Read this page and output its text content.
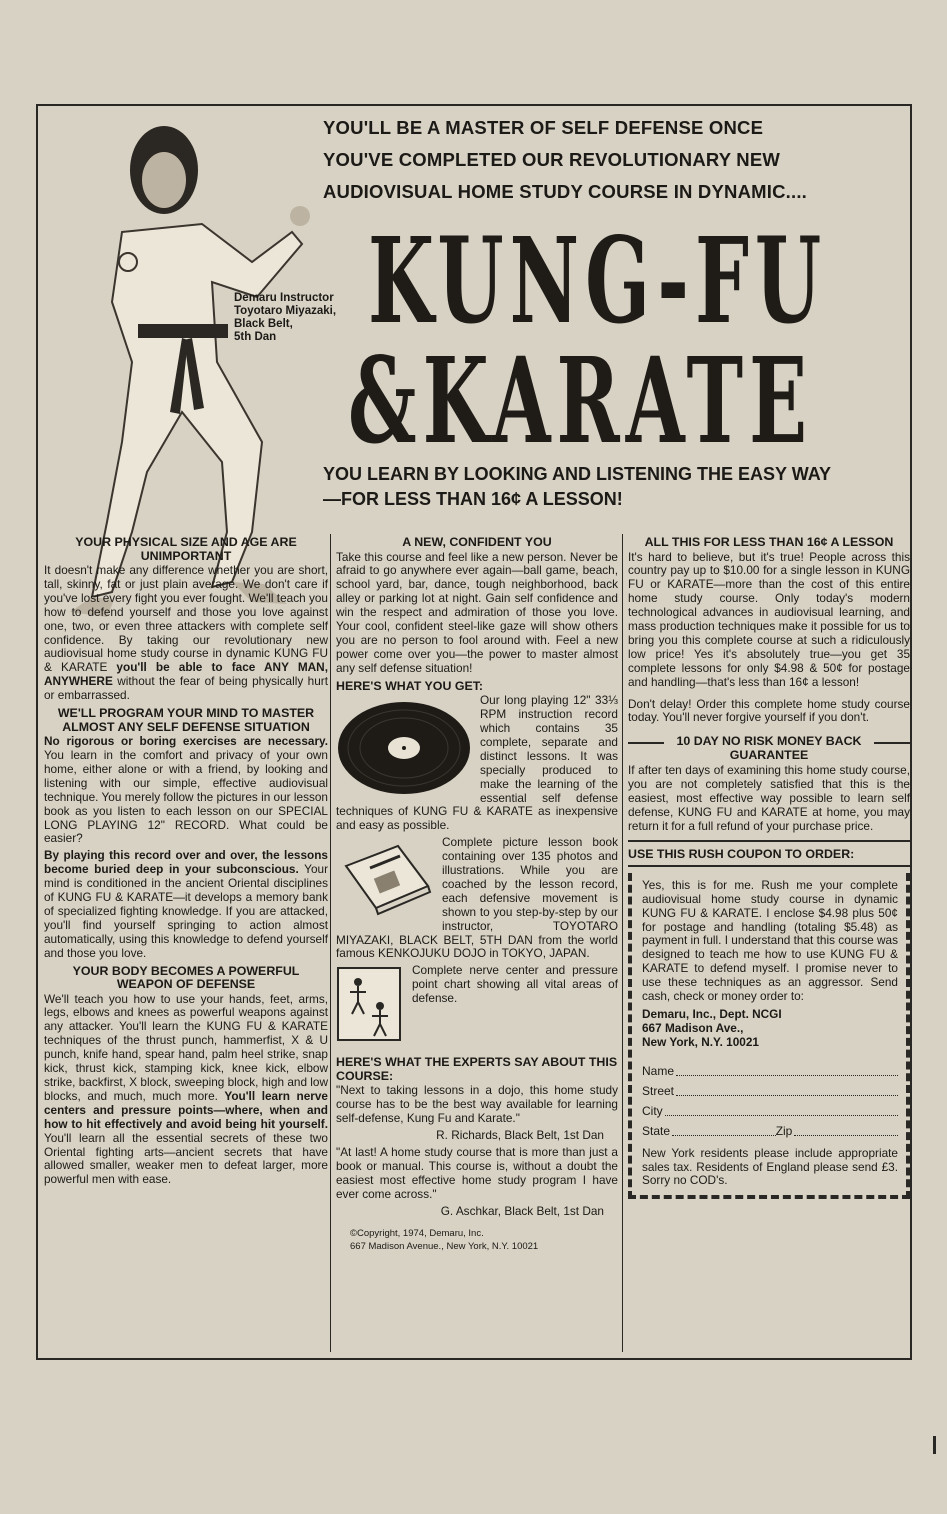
Demaru Instructor
Toyotaro Miyazaki,
Black Belt,
5th Dan
YOU'LL BE A MASTER OF SELF DEFENSE ONCE
YOU'VE COMPLETED OUR REVOLUTIONARY NEW
AUDIOVISUAL HOME STUDY COURSE IN DYNAMIC....
KUNG-FU
&KARATE
YOU LEARN BY LOOKING AND LISTENING THE EASY WAY
—FOR LESS THAN 16¢ A LESSON!
YOUR PHYSICAL SIZE AND AGE ARE UNIMPORTANT

It doesn't make any difference whether you are short, tall, skinny, fat or just plain average. We don't care if you've lost every fight you ever fought. We'll teach you how to defend yourself and those you love against one, two, or even three attackers with complete self confidence. By taking our revolutionary new audiovisual home study course in dynamic KUNG FU & KARATE you'll be able to face ANY MAN, ANYWHERE without the fear of being physically hurt or embarrassed.

WE'LL PROGRAM YOUR MIND TO MASTER ALMOST ANY SELF DEFENSE SITUATION

No rigorous or boring exercises are necessary. You learn in the comfort and privacy of your own home, either alone or with a friend, by looking and listening with our simple, effective audiovisual technique. You merely follow the pictures in our lesson book as you listen to each lesson on our SPECIAL LONG PLAYING 12" RECORD. What could be easier?

By playing this record over and over, the lessons become buried deep in your subconscious. Your mind is conditioned in the ancient Oriental disciplines of KUNG FU & KARATE—it develops a memory bank of specialized fighting knowledge. If you are attacked, you'll find yourself springing to action almost automatically, using this knowledge to defend yourself and those you love.

YOUR BODY BECOMES A POWERFUL WEAPON OF DEFENSE

We'll teach you how to use your hands, feet, arms, legs, elbows and knees as powerful weapons against any attacker. You'll learn the KUNG FU & KARATE techniques of the thrust punch, hammerfist, X & U punch, knife hand, spear hand, palm heel strike, snap kick, thrust kick, stamping kick, knee kick, elbow strike, backfirst, X block, sweeping block, high and low blocks, and much, much more. You'll learn nerve centers and pressure points—where, when and how to hit effectively and avoid being hit yourself. You'll learn all the essential secrets of these two Oriental fighting arts—ancient secrets that have allowed smaller, weaker men to defeat larger, more powerful men with ease.

A NEW, CONFIDENT YOU

Take this course and feel like a new person. Never be afraid to go anywhere ever again—ball game, beach, school yard, bar, dance, tough neighborhood, back alley or parking lot at night. Gain self confidence and win the respect and admiration of those you love. Your cool, confident steel-like gaze will show others you are no person to fool around with. Feel a new power come over you—the power to master almost any self defense situation!

HERE'S WHAT YOU GET:

Our long playing 12" 33⅓ RPM instruction record which contains 35 complete, separate and distinct lessons. It was specially produced to make the learning of the essential self defense techniques of KUNG FU & KARATE as inexpensive and easy as possible.

Complete picture lesson book containing over 135 photos and illustrations. While you are coached by the lesson record, each defensive movement is shown to you step-by-step by our instructor, TOYOTARO MIYAZAKI, BLACK BELT, 5TH DAN from the world famous KENKOJUKU DOJO in TOKYO, JAPAN.

Complete nerve center and pressure point chart showing all vital areas of defense.

HERE'S WHAT THE EXPERTS SAY ABOUT THIS COURSE:

"Next to taking lessons in a dojo, this home study course has to be the best way available for learning self-defense, Kung Fu and Karate."

R. Richards, Black Belt, 1st Dan

"At last! A home study course that is more than just a book or manual. This course is, without a doubt the easiest most effective home study program I have ever come across."

G. Aschkar, Black Belt, 1st Dan

©Copyright, 1974, Demaru, Inc.
667 Madison Avenue., New York, N.Y. 10021
ALL THIS FOR LESS THAN 16¢ A LESSON

It's hard to believe, but it's true! People across this country pay up to $10.00 for a single lesson in KUNG FU or KARATE—more than the cost of this entire home study course. Only today's modern technological advances in audiovisual learning, and mass production techniques make it possible for us to bring you this complete course at such a ridiculously low price! Yes it's absolutely true—you get 35 complete lessons for only $4.98 & 50¢ for postage and handling—that's less than 16¢ a lesson!

Don't delay! Order this complete home study course today. You'll never forgive yourself if you don't.

10 DAY NO RISK MONEY BACK GUARANTEE

If after ten days of examining this home study course, you are not completely satisfied that this is the easiest, most effective way possible to learn self defense, KUNG FU and KARATE at home, you may return it for a full refund of your purchase price.

USE THIS RUSH COUPON TO ORDER:

Yes, this is for me. Rush me your complete audiovisual home study course in dynamic KUNG FU & KARATE. I enclose $4.98 plus 50¢ for postage and handling (totaling $5.48) as payment in full. I understand that this course was designed to teach me how to use KUNG FU & KARATE to defend myself. I promise never to use these techniques as an aggressor. Send cash, check or money order to:

Demaru, Inc., Dept. NCGI
667 Madison Ave.,
New York, N.Y. 10021
Name
Street
City
State	Zip

New York residents please include appropriate sales tax. Residents of England please send £3. Sorry no COD's.
